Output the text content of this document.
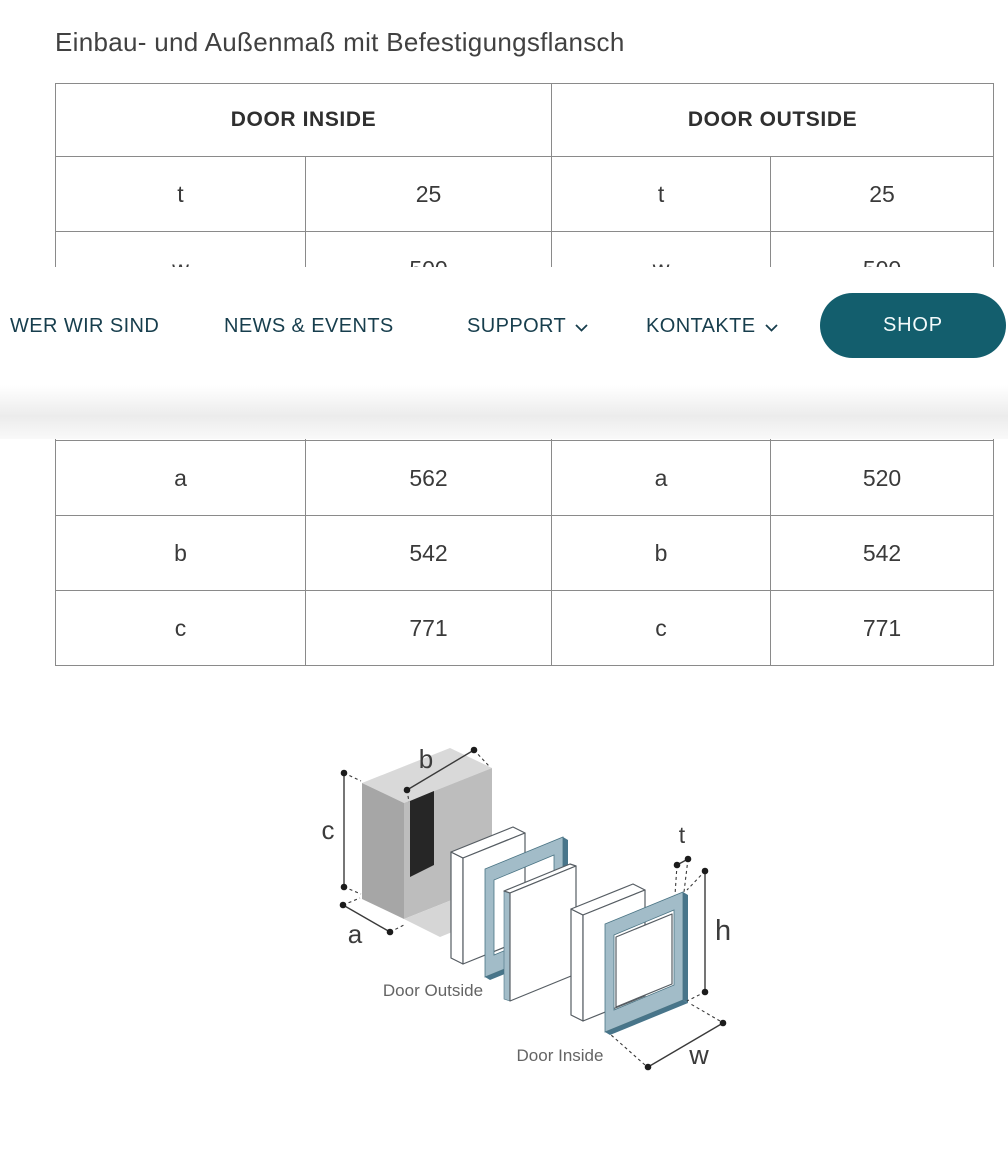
Einbau- und Außenmaß mit Befestigungsflansch
DOOR INSIDE		DOOR OUTSIDE	
t	25	t	25

a	562	a	520
b	542	b	542
c	771	c	771
WER WIR SIND	NEWS & EVENTS	SUPPORT	KONTAKTE	SHOP
c
a
b
Door Outside
Door Inside
t
h
w
